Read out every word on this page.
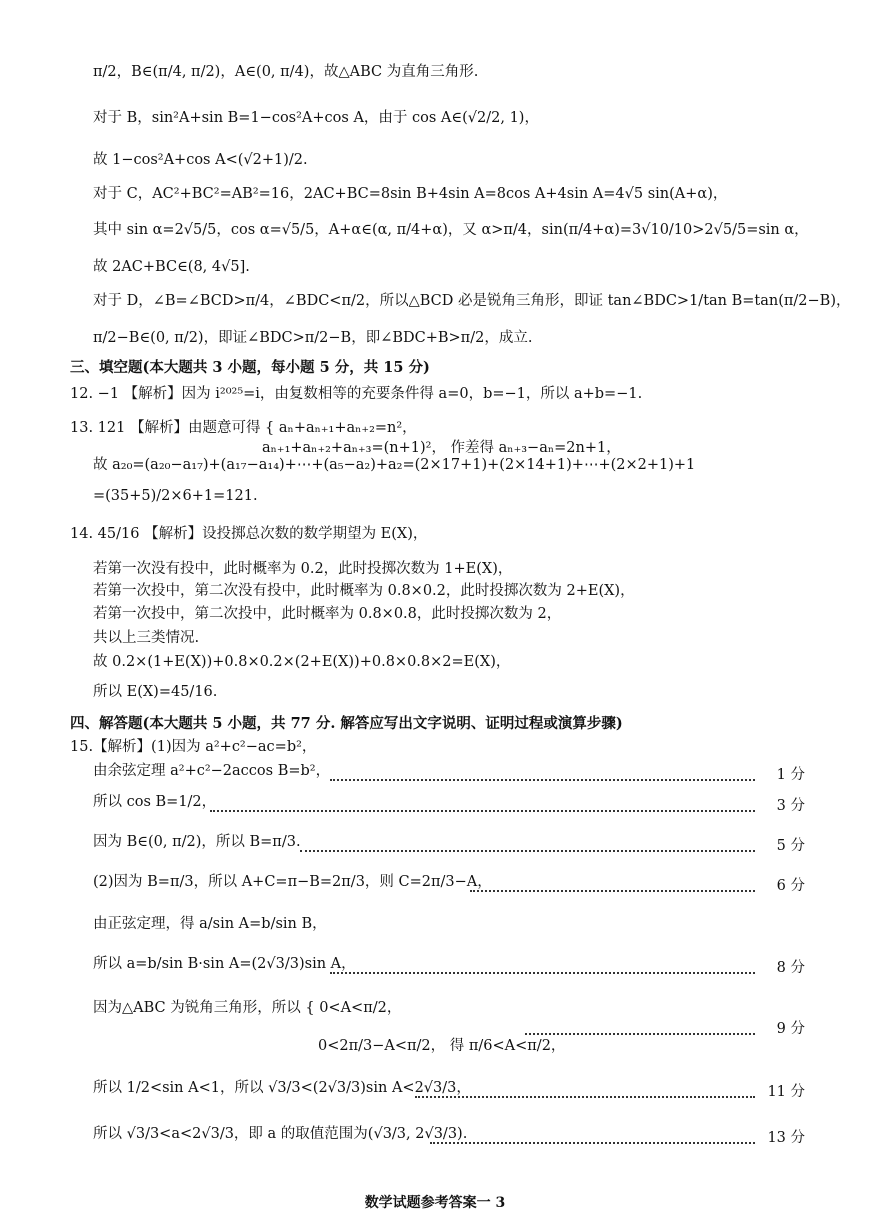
π/2，B∈(π/4, π/2)，A∈(0, π/4)，故△ABC 为直角三角形.
对于 B，sin²A+sin B=1−cos²A+cos A，由于 cos A∈(√2/2, 1)，
故 1−cos²A+cos A<(√2+1)/2.
对于 C，AC²+BC²=AB²=16，2AC+BC=8sin B+4sin A=8cos A+4sin A=4√5 sin(A+α)，
其中 sin α=2√5/5，cos α=√5/5，A+α∈(α, π/4+α)，又 α>π/4，sin(π/4+α)=3√10/10>2√5/5=sin α，
故 2AC+BC∈(8, 4√5].
对于 D，∠B=∠BCD>π/4，∠BDC<π/2，所以△BCD 必是锐角三角形，即证 tan∠BDC>1/tan B=tan(π/2−B)，
π/2−B∈(0, π/2)，即证∠BDC>π/2−B，即∠BDC+B>π/2，成立.
三、填空题(本大题共 3 小题，每小题 5 分，共 15 分)
12. −1 【解析】因为 i²⁰²⁵=i，由复数相等的充要条件得 a=0，b=−1，所以 a+b=−1.
13. 121 【解析】由题意可得 { aₙ+aₙ₊₁+aₙ₊₂=n²，
aₙ₊₁+aₙ₊₂+aₙ₊₃=(n+1)²， 作差得 aₙ₊₃−aₙ=2n+1，
故 a₂₀=(a₂₀−a₁₇)+(a₁₇−a₁₄)+⋯+(a₅−a₂)+a₂=(2×17+1)+(2×14+1)+⋯+(2×2+1)+1
=(35+5)/2×6+1=121.
14. 45/16 【解析】设投掷总次数的数学期望为 E(X)，
若第一次没有投中，此时概率为 0.2，此时投掷次数为 1+E(X)，
若第一次投中，第二次没有投中，此时概率为 0.8×0.2，此时投掷次数为 2+E(X)，
若第一次投中，第二次投中，此时概率为 0.8×0.8，此时投掷次数为 2，
共以上三类情况.
故 0.2×(1+E(X))+0.8×0.2×(2+E(X))+0.8×0.8×2=E(X)，
所以 E(X)=45/16.
四、解答题(本大题共 5 小题，共 77 分. 解答应写出文字说明、证明过程或演算步骤)
15.【解析】(1)因为 a²+c²−ac=b²，
由余弦定理 a²+c²−2accos B=b²，	1 分
所以 cos B=1/2，	3 分
因为 B∈(0, π/2)，所以 B=π/3.	5 分
(2)因为 B=π/3，所以 A+C=π−B=2π/3，则 C=2π/3−A，	6 分
由正弦定理，得 a/sin A=b/sin B，
所以 a=b/sin B·sin A=(2√3/3)sin A，	8 分
因为△ABC 为锐角三角形，所以 { 0<A<π/2，
0<2π/3−A<π/2， 得 π/6<A<π/2，
9 分
所以 1/2<sin A<1，所以 √3/3<(2√3/3)sin A<2√3/3，	11 分
所以 √3/3<a<2√3/3，即 a 的取值范围为(√3/3, 2√3/3).	13 分
数学试题参考答案一 3
